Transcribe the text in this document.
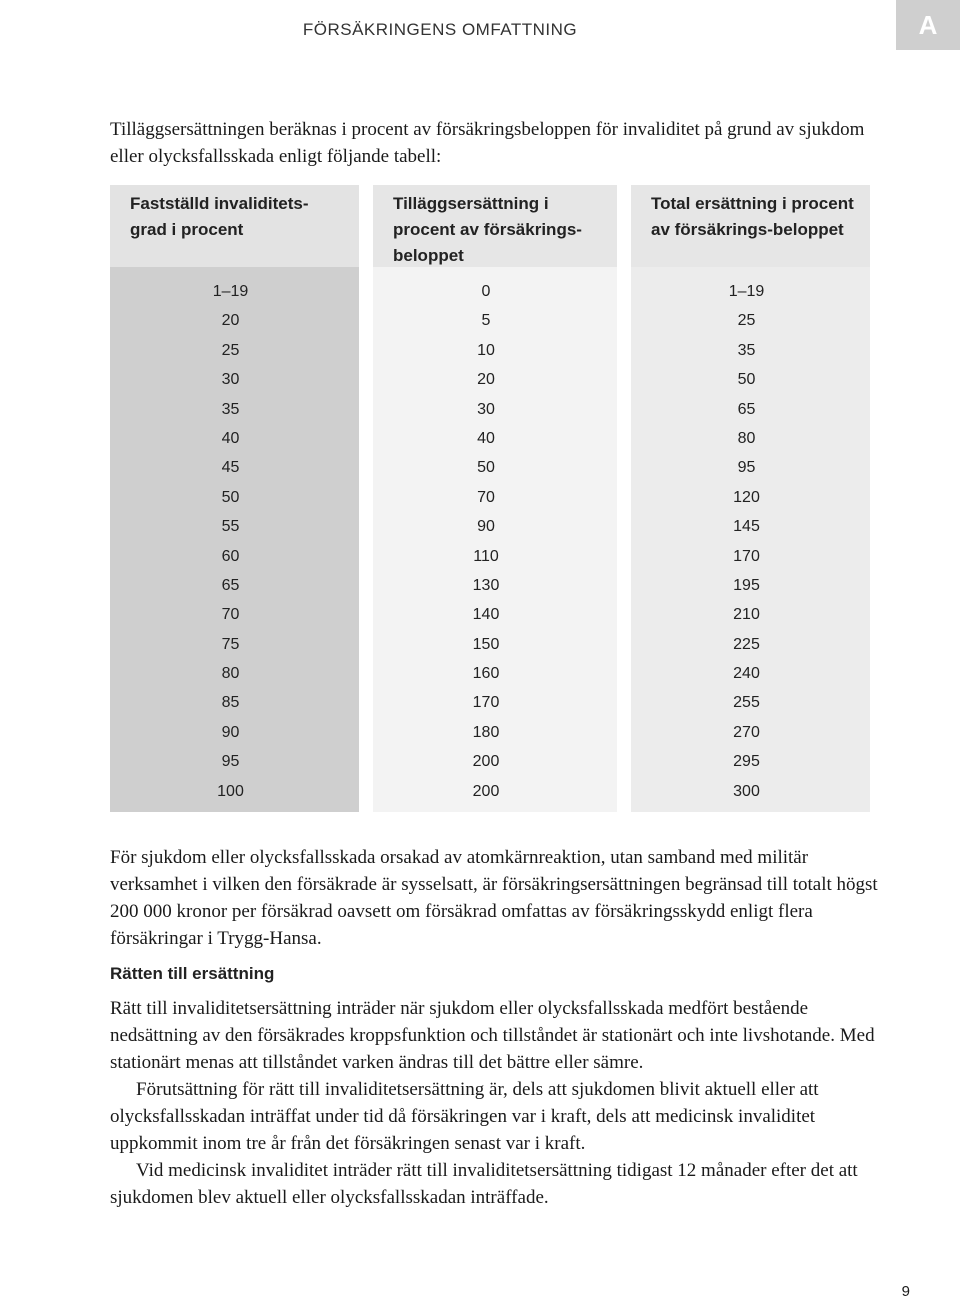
FÖRSÄKRINGENS OMFATTNING	A

Tilläggsersättningen beräknas i procent av försäkringsbeloppen för invaliditet på grund av sjukdom eller olycksfallsskada enligt följande tabell:

Fastställd invaliditets-grad i procent
1–19
20
25
30
35
40
45
50
55
60
65
70
75
80
85
90
95
100
Tilläggsersättning i procent av försäkrings-beloppet
0
5
10
20
30
40
50
70
90
110
130
140
150
160
170
180
200
200
Total ersättning i procent av försäkrings-beloppet
1–19
25
35
50
65
80
95
120
145
170
195
210
225
240
255
270
295
300

För sjukdom eller olycksfallsskada orsakad av atomkärnreaktion, utan samband med militär verksamhet i vilken den försäkrade är sysselsatt, är försäkringsersättningen begränsad till totalt högst 200 000 kronor per försäkrad oavsett om försäkrad omfattas av försäkringsskydd enligt flera försäkringar i Trygg-Hansa.

Rätten till ersättning

Rätt till invaliditetsersättning inträder när sjukdom eller olycksfallsskada medfört bestående nedsättning av den försäkrades kroppsfunktion och tillståndet är stationärt och inte livshotande. Med stationärt menas att tillståndet varken ändras till det bättre eller sämre.

Förutsättning för rätt till invaliditetsersättning är, dels att sjukdomen blivit aktuell eller att olycksfallsskadan inträffat under tid då försäkringen var i kraft, dels att medicinsk invaliditet uppkommit inom tre år från det försäkringen senast var i kraft.

Vid medicinsk invaliditet inträder rätt till invaliditetsersättning tidigast 12 månader efter det att sjukdomen blev aktuell eller olycksfallsskadan inträffade.

9
